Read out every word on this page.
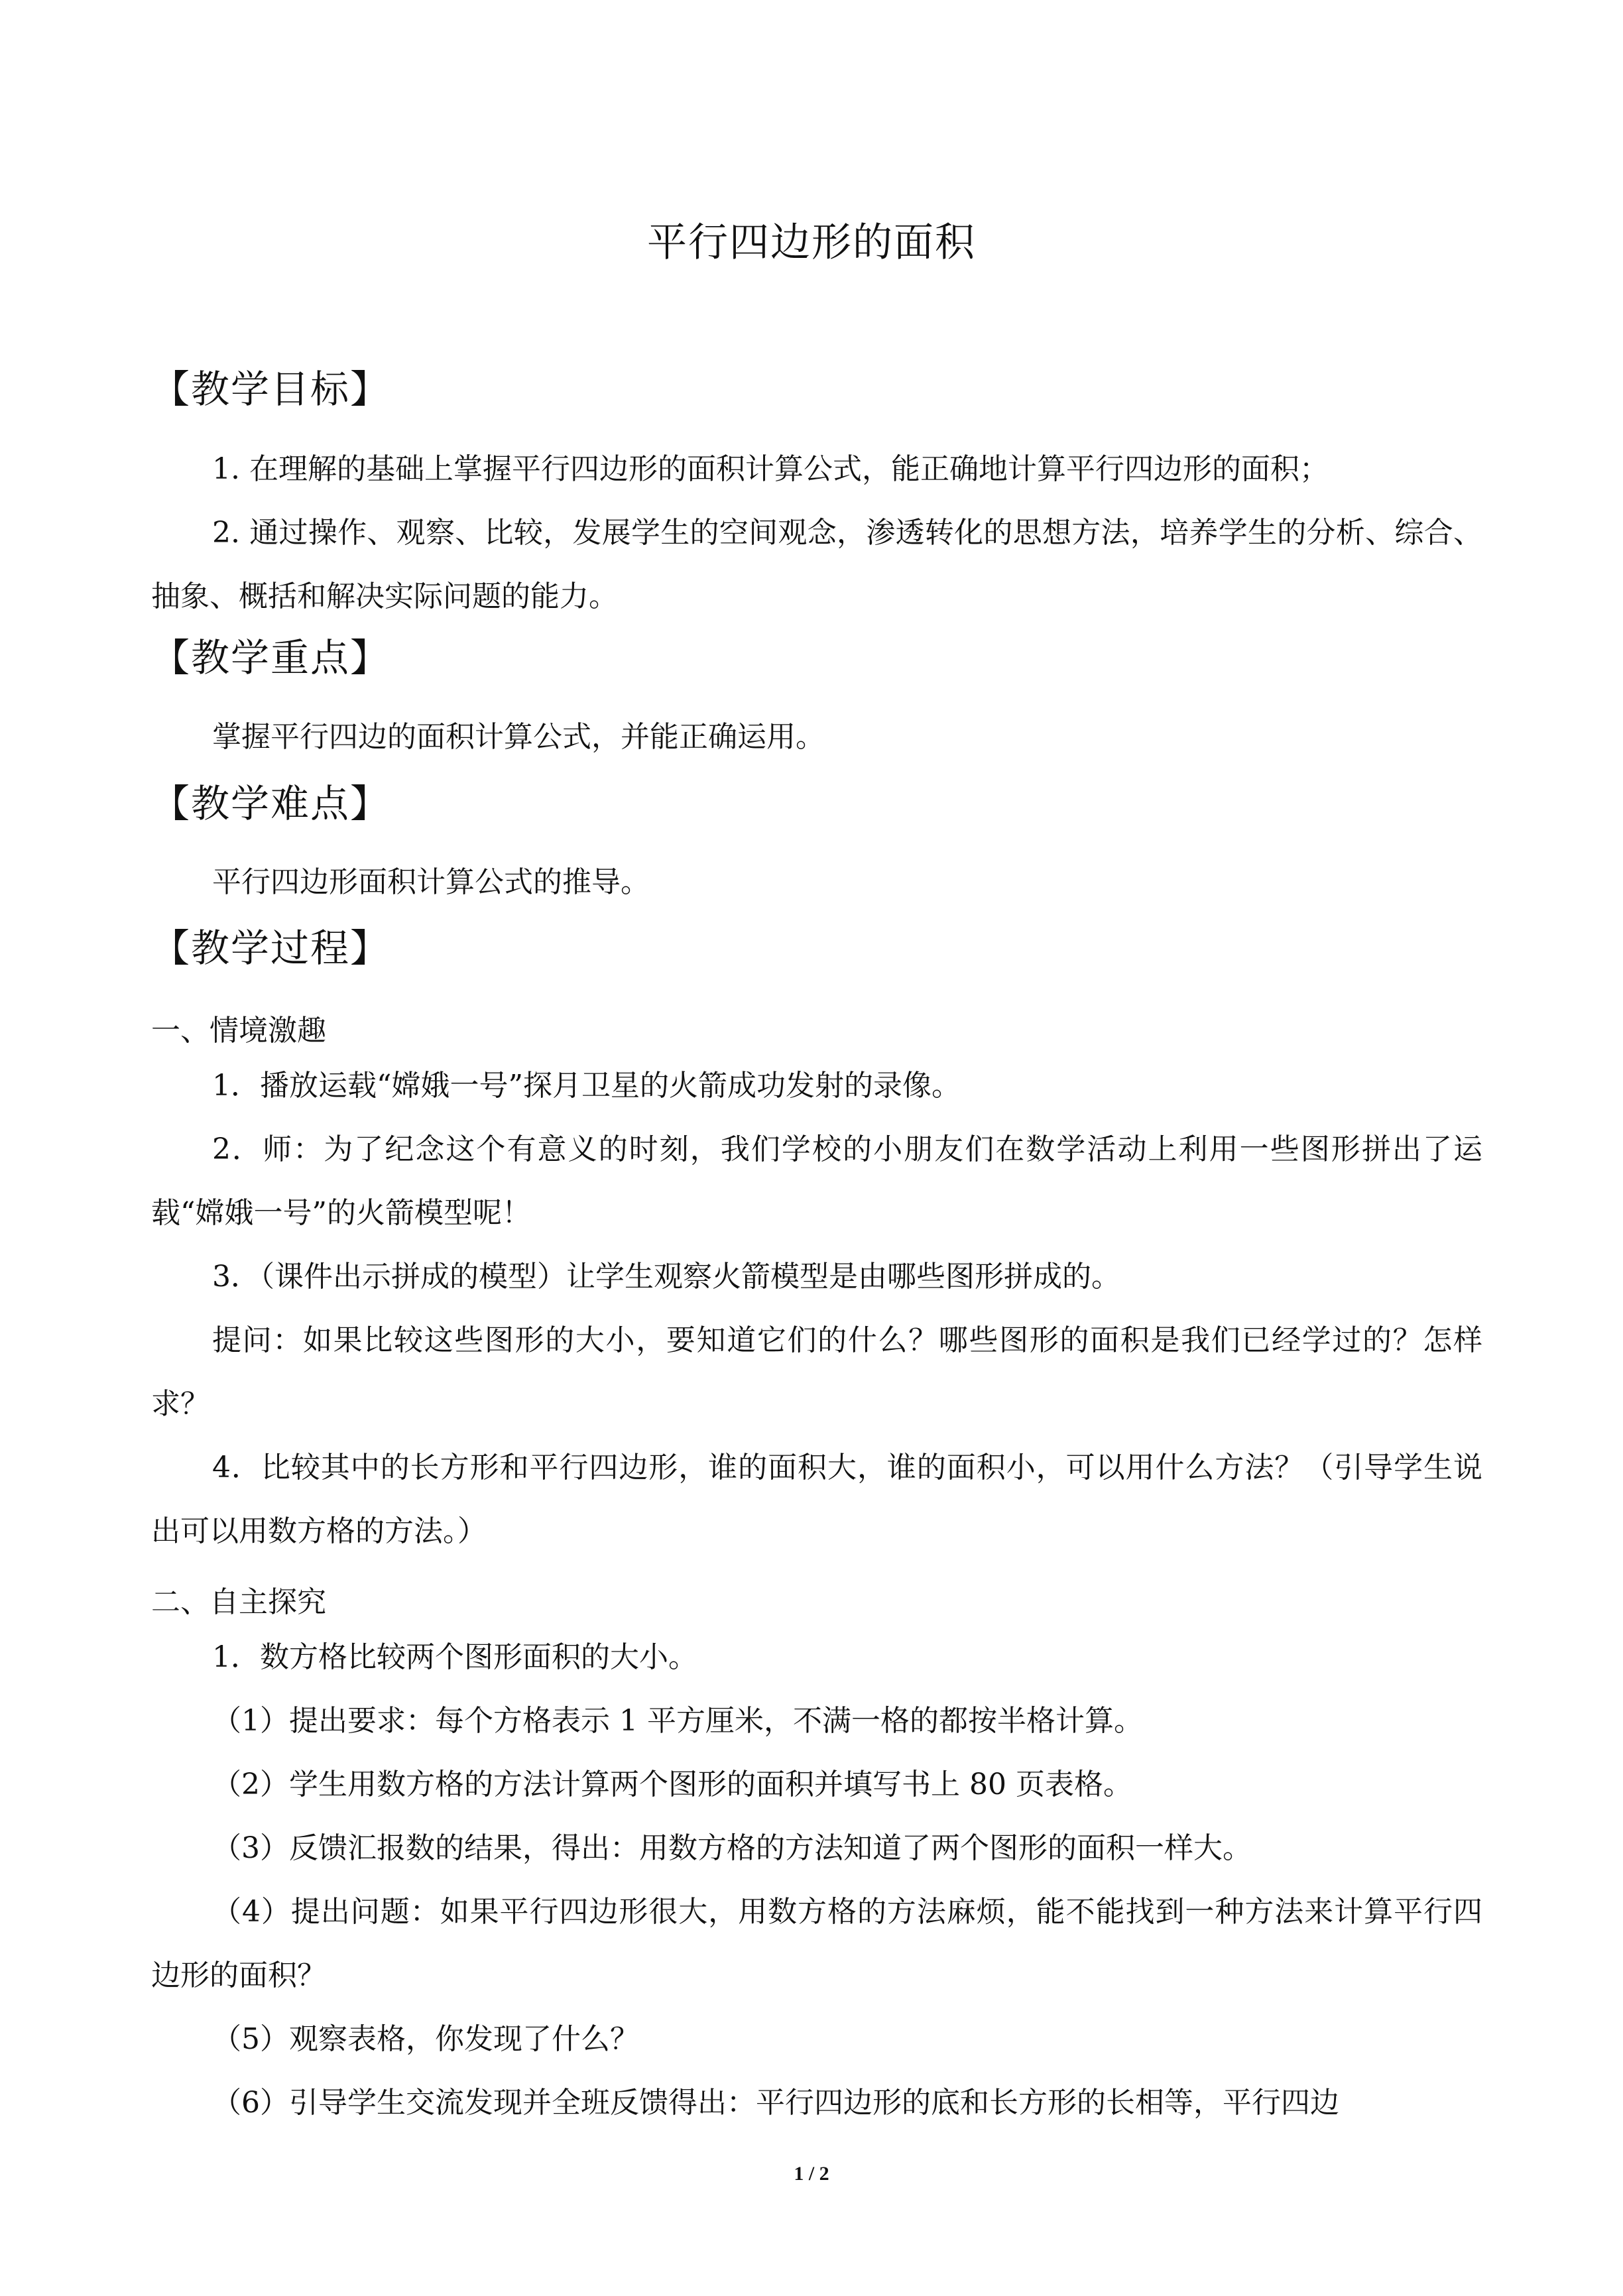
平行四边形的面积
【教学目标】

1. 在理解的基础上掌握平行四边形的面积计算公式，能正确地计算平行四边形的面积；

2. 通过操作、观察、比较，发展学生的空间观念，渗透转化的思想方法，培养学生的分析、综合、抽象、概括和解决实际问题的能力。

【教学重点】

掌握平行四边的面积计算公式，并能正确运用。

【教学难点】

平行四边形面积计算公式的推导。

【教学过程】

一、情境激趣

1．播放运载“嫦娥一号”探月卫星的火箭成功发射的录像。

2．师：为了纪念这个有意义的时刻，我们学校的小朋友们在数学活动上利用一些图形拼出了运载“嫦娥一号”的火箭模型呢！

3．（课件出示拼成的模型）让学生观察火箭模型是由哪些图形拼成的。

提问：如果比较这些图形的大小，要知道它们的什么？哪些图形的面积是我们已经学过的？怎样求？

4．比较其中的长方形和平行四边形，谁的面积大，谁的面积小，可以用什么方法？（引导学生说出可以用数方格的方法。）

二、自主探究

1．数方格比较两个图形面积的大小。

（1）提出要求：每个方格表示 1 平方厘米，不满一格的都按半格计算。

（2）学生用数方格的方法计算两个图形的面积并填写书上 80 页表格。

（3）反馈汇报数的结果，得出：用数方格的方法知道了两个图形的面积一样大。

（4）提出问题：如果平行四边形很大，用数方格的方法麻烦，能不能找到一种方法来计算平行四边形的面积？

（5）观察表格，你发现了什么？

（6）引导学生交流发现并全班反馈得出：平行四边形的底和长方形的长相等，平行四边

1 / 2
